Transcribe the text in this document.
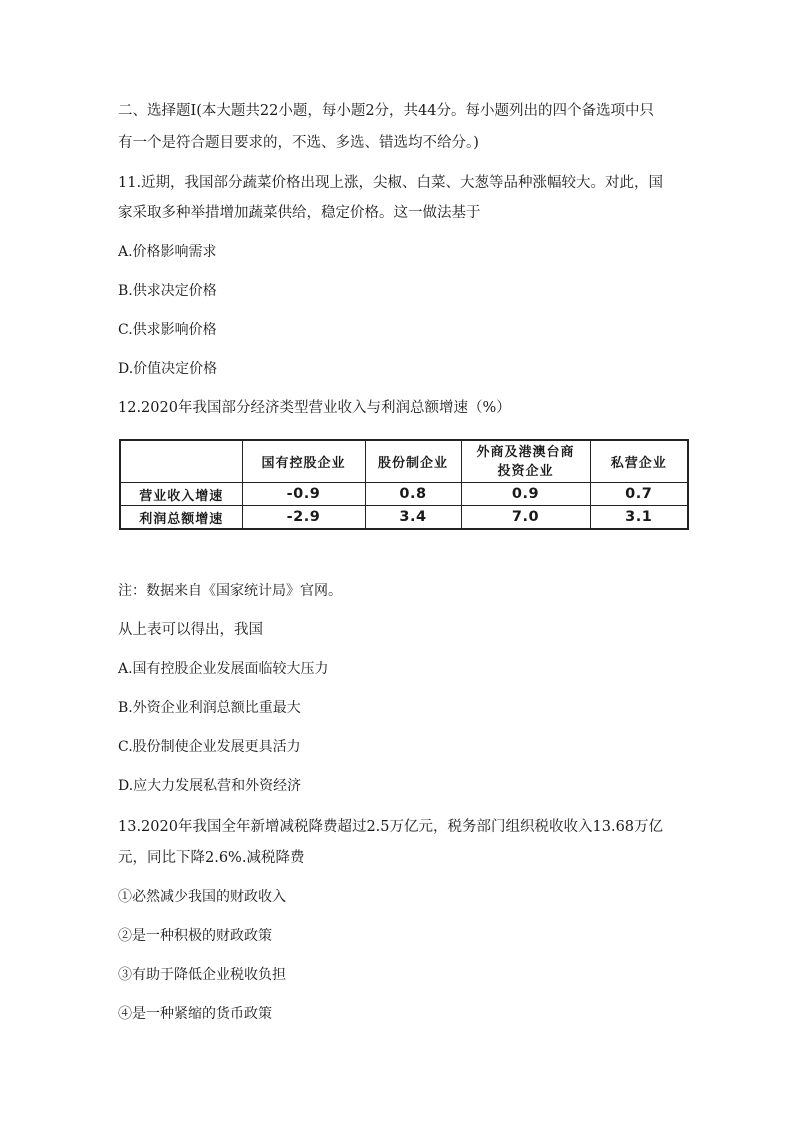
二、选择题Ⅰ(本大题共22小题，每小题2分，共44分。每小题列出的四个备选项中只
有一个是符合题目要求的，不选、多选、错选均不给分。)
11.近期，我国部分蔬菜价格出现上涨，尖椒、白菜、大葱等品种涨幅较大。对此，国
家采取多种举措增加蔬菜供给，稳定价格。这一做法基于
A.价格影响需求
B.供求决定价格
C.供求影响价格
D.价值决定价格
12.2020年我国部分经济类型营业收入与利润总额增速（%）
	国有控股企业	股份制企业	外商及港澳台商
投资企业	私营企业
营业收入增速	-0.9	0.8	0.9	0.7
利润总额增速	-2.9	3.4	7.0	3.1
注：数据来自《国家统计局》官网。
从上表可以得出，我国
A.国有控股企业发展面临较大压力
B.外资企业利润总额比重最大
C.股份制使企业发展更具活力
D.应大力发展私营和外资经济
13.2020年我国全年新增减税降费超过2.5万亿元，税务部门组织税收收入13.68万亿
元，同比下降2.6%.减税降费
①必然减少我国的财政收入
②是一种积极的财政政策
③有助于降低企业税收负担
④是一种紧缩的货币政策
